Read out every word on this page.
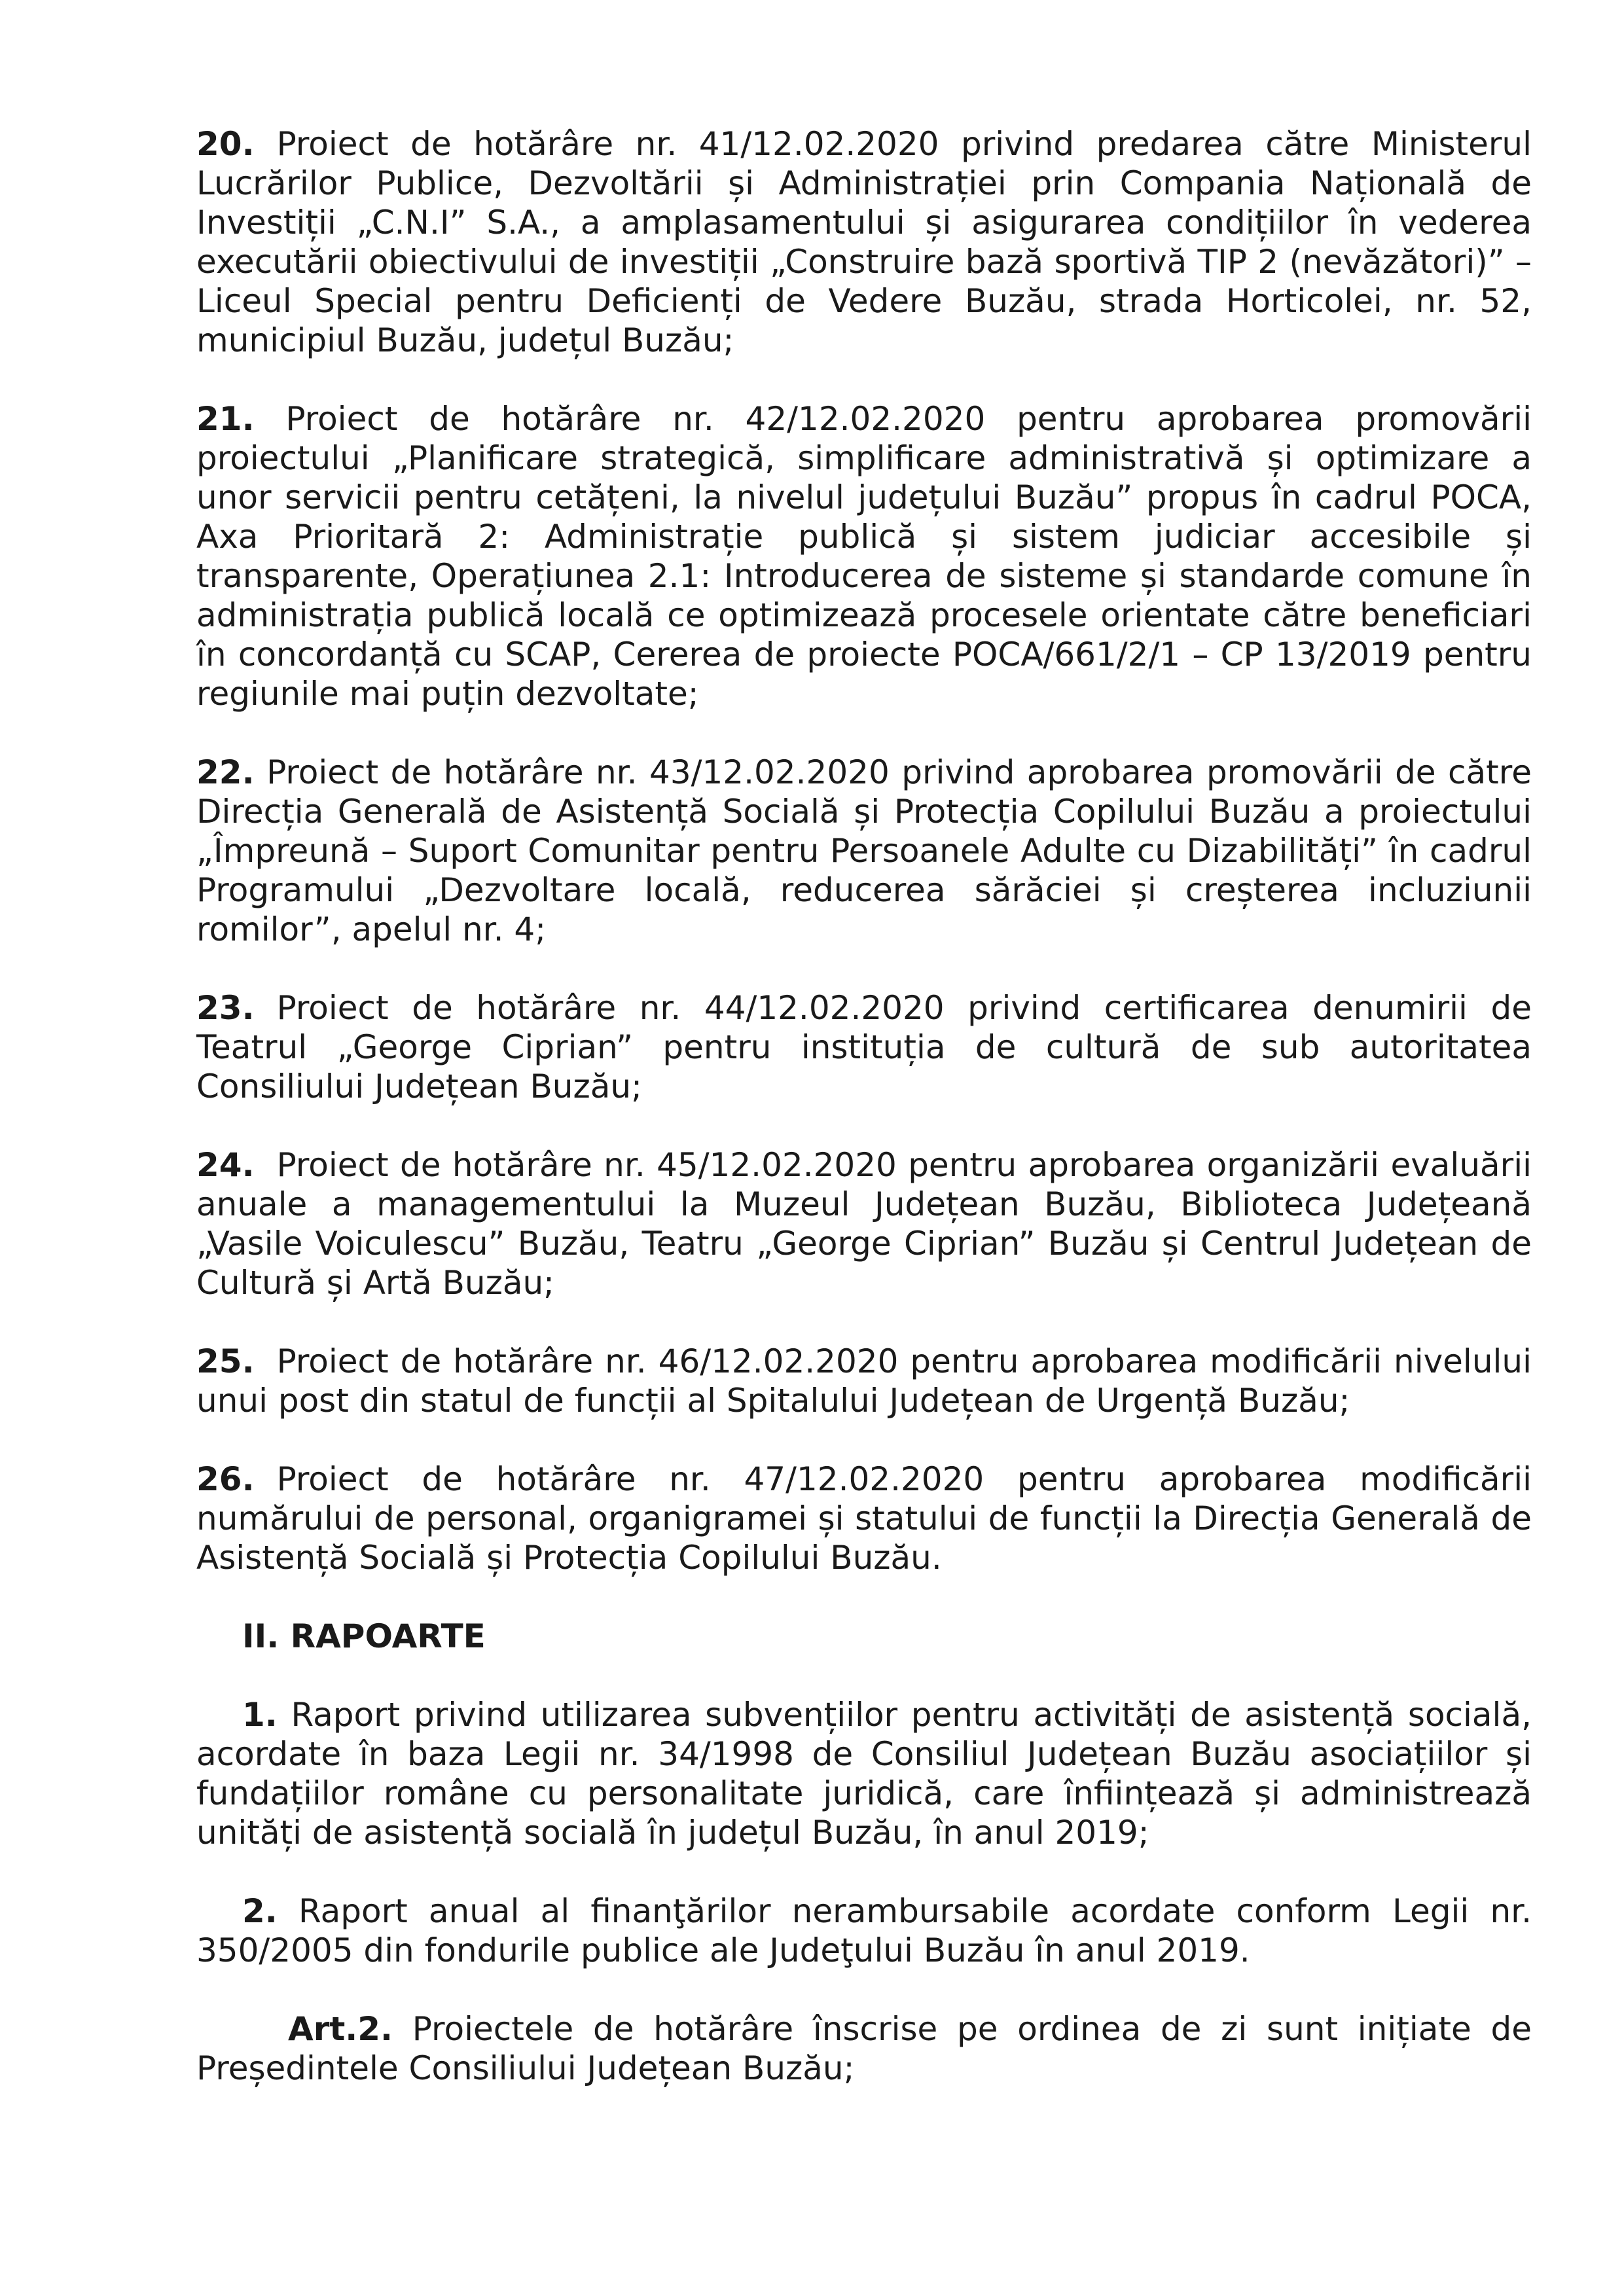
20. Proiect de hotărâre nr. 41/12.02.2020 privind predarea către Ministerul Lucrărilor Publice, Dezvoltării și Administrației prin Compania Națională de Investiții „C.N.I” S.A., a amplasamentului și asigurarea condițiilor în vederea executării obiectivului de investiții „Construire bază sportivă TIP 2 (nevăzători)” – Liceul Special pentru Deficienți de Vedere Buzău, strada Horticolei, nr. 52, municipiul Buzău, județul Buzău;

21. Proiect de hotărâre nr. 42/12.02.2020 pentru aprobarea promovării proiectului „Planificare strategică, simplificare administrativă și optimizare a unor servicii pentru cetățeni, la nivelul județului Buzău” propus în cadrul POCA, Axa Prioritară 2: Administrație publică și sistem judiciar accesibile și transparente, Operațiunea 2.1: Introducerea de sisteme și standarde comune în administrația publică locală ce optimizează procesele orientate către beneficiari în concordanță cu SCAP, Cererea de proiecte POCA/661/2/1 – CP 13/2019 pentru regiunile mai puțin dezvoltate;

22. Proiect de hotărâre nr. 43/12.02.2020 privind aprobarea promovării de către Direcția Generală de Asistență Socială și Protecția Copilului Buzău a proiectului „Împreună – Suport Comunitar pentru Persoanele Adulte cu Dizabilități” în cadrul Programului „Dezvoltare locală, reducerea sărăciei și creșterea incluziunii romilor”, apelul nr. 4;

23. Proiect de hotărâre nr. 44/12.02.2020 privind certificarea denumirii de Teatrul „George Ciprian” pentru instituția de cultură de sub autoritatea Consiliului Județean Buzău;

24. Proiect de hotărâre nr. 45/12.02.2020 pentru aprobarea organizării evaluării anuale a managementului la Muzeul Județean Buzău, Biblioteca Județeană „Vasile Voiculescu” Buzău, Teatru „George Ciprian” Buzău și Centrul Județean de Cultură și Artă Buzău;

25. Proiect de hotărâre nr. 46/12.02.2020 pentru aprobarea modificării nivelului unui post din statul de funcții al Spitalului Județean de Urgență Buzău;

26. Proiect de hotărâre nr. 47/12.02.2020 pentru aprobarea modificării numărului de personal, organigramei și statului de funcții la Direcția Generală de Asistență Socială și Protecția Copilului Buzău.

II. RAPOARTE

1. Raport privind utilizarea subvențiilor pentru activități de asistență socială, acordate în baza Legii nr. 34/1998 de Consiliul Județean Buzău asociațiilor și fundațiilor române cu personalitate juridică, care înființează și administrează unități de asistență socială în județul Buzău, în anul 2019;

2. Raport anual al finanţărilor nerambursabile acordate conform Legii nr. 350/2005 din fondurile publice ale Judeţului Buzău în anul 2019.

Art.2. Proiectele de hotărâre înscrise pe ordinea de zi sunt inițiate de Președintele Consiliului Județean Buzău;
